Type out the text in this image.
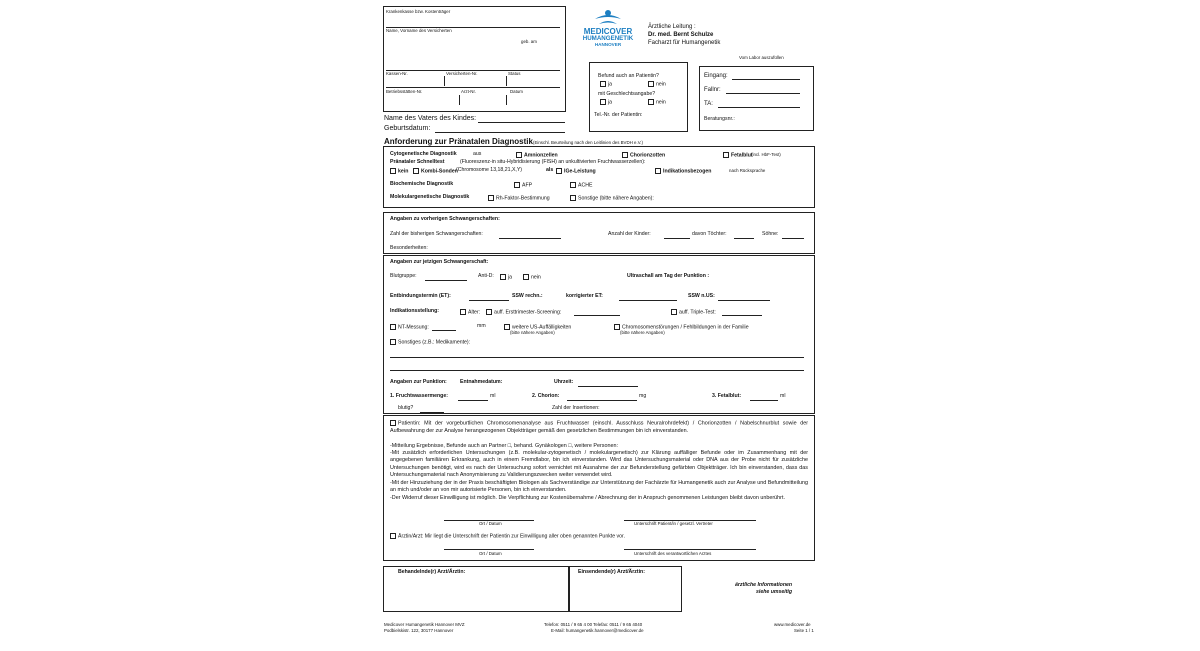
Krankenkasse bzw. Kostenträger
Name, Vorname des Versicherten
geb. am
Kassen-Nr.	Versicherten-Nr.	Status
Betriebsstätten-Nr.	Arzt-Nr.	Datum
Name des Vaters des Kindes:
Geburtsdatum:
MEDICOVER
HUMANGENETIK
HANNOVER
Ärztliche Leitung :
Dr. med. Bernt Schulze
Facharzt für Humangenetik
Befund auch an Patientin?
ja	nein
mit Geschlechtsangabe?
ja	nein
Tel.-Nr. der Patientin:
Vom Labor auszufüllen
Eingang:
Fallnr:
TA:
Beratungsnr.:
Anforderung zur Pränatalen Diagnostik (Einschl. Beurteilung nach den Leitlinien des BVDH e.V.)
Cytogenetische Diagnostik	aus	Amnionzellen	Chorionzotten	Fetalblut
(incl. HbF-Test)
Pränataler Schnelltest	(Fluoreszenz-in situ-Hybridisierung (FISH) an unkultivierten Fruchtwasserzellen):
kein	Kombi-Sonden
(Chromosome 13,18,21,X,Y)	als	IGe-Leistung	Indikationsbezogen	nach Rücksprache
Biochemische Diagnostik	AFP	ACHE
Molekulargenetische Diagnostik	Rh-Faktor-Bestimmung	Sonstige (bitte nähere Angaben):
Angaben zu vorherigen Schwangerschaften:
Zahl der bisherigen Schwangerschaften:	Anzahl der Kinder:	davon Töchter:	Söhne:
Besonderheiten:
Angaben zur jetzigen Schwangerschaft:
Blutgruppe:	Anti-D:	ja	nein	Ultraschall am Tag der Punktion :
Entbindungstermin (ET):	SSW rechn.:	korrigierter ET:	SSW n.US:
Indikationsstellung:	Alter:	auff. Ersttrimester-Screening:	auff. Triple-Test:
NT-Messung:	mm	weitere US-Auffälligkeiten
(bitte nähere Angaben)
Chromosomenstörungen / Fehlbildungen in der Familie
(bitte nähere Angaben)
Sonstiges (z.B.: Medikamente):
Angaben zur Punktion:	Entnahmedatum:	Uhrzeit:
1. Fruchtwassermenge:	ml	2. Chorion:	mg	3. Fetalblut:	ml
blutig?	Zahl der Insertionen:
Patientin: Mit der vorgeburtlichen Chromosomenanalyse aus Fruchtwasser (einschl. Ausschluss Neuralrohrdefekt) / Chorionzotten / Nabelschnurblut sowie der Aufbewahrung der zur Analyse herangezogenen Objektträger gemäß den gesetzlichen Bestimmungen bin ich einverstanden.
-Mitteilung Ergebnisse, Befunde auch an Partner □, behand. Gynäkologen □, weitere Personen:
-Mit zusätzlich erforderlichen Untersuchungen (z.B. molekular-zytogenetisch / molekulargenetisch) zur Klärung auffälliger Befunde oder im Zusammenhang mit der angegebenen familiären Erkrankung, auch in einem Fremdlabor, bin ich einverstanden. Wird das Untersuchungsmaterial oder DNA aus der Probe nicht für zusätzliche Untersuchungen benötigt, wird es nach der Untersuchung sofort vernichtet mit Ausnahme der zur Befunderstellung gefärbten Objektträger. Ich bin einverstanden, dass das Untersuchungsmaterial nach Anonymisierung zu Validierungszwecken weiter verwendet wird.
-Mit der Hinzuziehung der in der Praxis beschäftigten Biologen als Sachverständige zur Unterstützung der Fachärzte für Humangenetik auch zur Analyse und Befundmitteilung an mich und/oder an von mir autorisierte Personen, bin ich einverstanden.
-Der Widerruf dieser Einwilligung ist möglich. Die Verpflichtung zur Kostenübernahme / Abrechnung der in Anspruch genommenen Leistungen bleibt davon unberührt.
Ort / Datum	Unterschrift Patient/in / gesetzl. Vertreter
Ärztin/Arzt: Mir liegt die Unterschrift der Patientin zur Einwilligung aller oben genannten Punkte vor.
Ort / Datum	Unterschrift des verantwortlichen Arztes
Behandelnde(r) Arzt/Ärztin:	Einsendende(r) Arzt/Ärztin:
ärztliche Informationen
siehe umseitig
Medicover Humangenetik Hannover MVZ
Podbielskistr. 122, 30177 Hannover
Telefon: 0511 / 9 65 4 00 Telefax: 0511 / 9 65 4040
E-Mail: humangenetik.hannover@medicover.de
www.medicover.de
Seite 1 / 1
